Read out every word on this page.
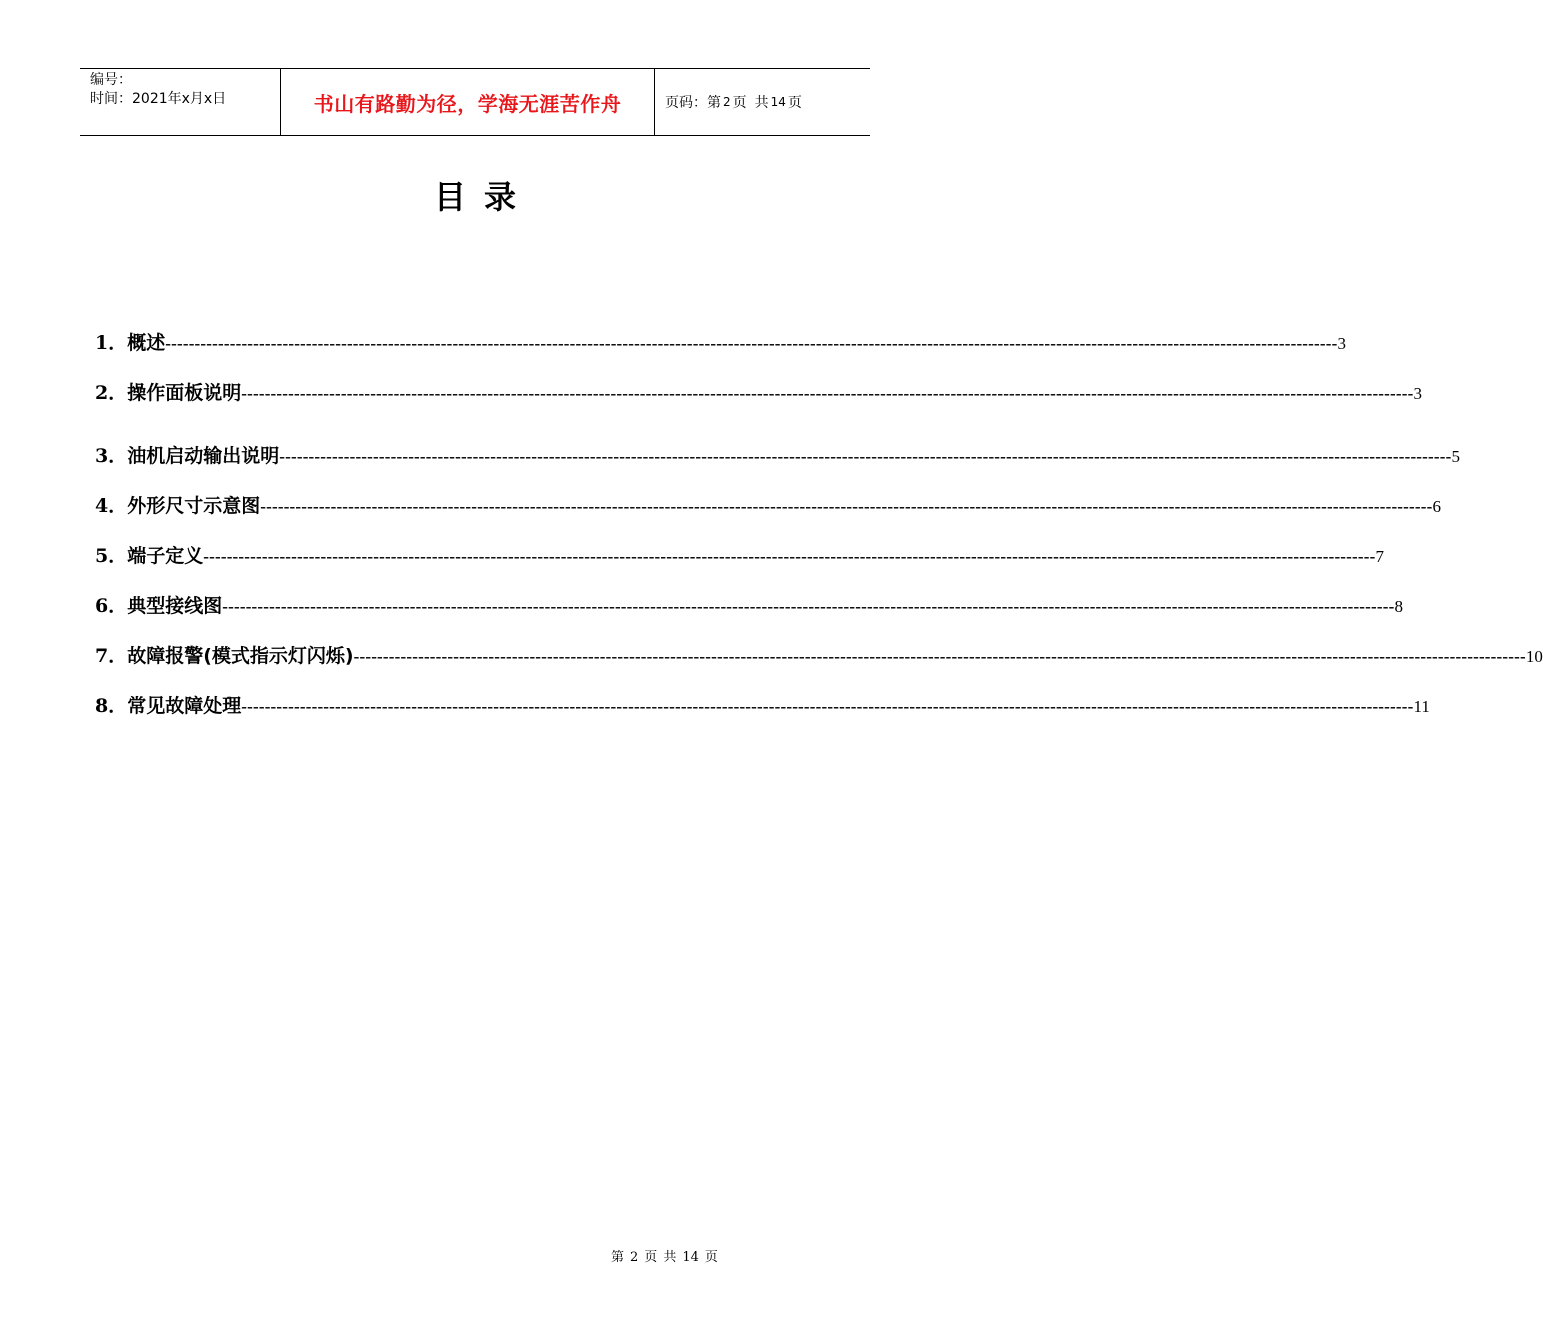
编号：
时间：2021年x月x日	书山有路勤为径，学海无涯苦作舟	页码：第 2 页 共 14 页
目录
1． 概述 -------------------------------------------------------------------------------------------------------------------------------------------------------------------------------------------------------- 3
2． 操作面板说明 -------------------------------------------------------------------------------------------------------------------------------------------------------------------------------------------------------- 3
3． 油机启动输出说明 -------------------------------------------------------------------------------------------------------------------------------------------------------------------------------------------------------- 5
4． 外形尺寸示意图 -------------------------------------------------------------------------------------------------------------------------------------------------------------------------------------------------------- 6
5． 端子定义 -------------------------------------------------------------------------------------------------------------------------------------------------------------------------------------------------------- 7
6． 典型接线图 -------------------------------------------------------------------------------------------------------------------------------------------------------------------------------------------------------- 8
7． 故障报警(模式指示灯闪烁) -------------------------------------------------------------------------------------------------------------------------------------------------------------------------------------------------------- 10
8． 常见故障处理 -------------------------------------------------------------------------------------------------------------------------------------------------------------------------------------------------------- 11
第 2 页 共 14 页
